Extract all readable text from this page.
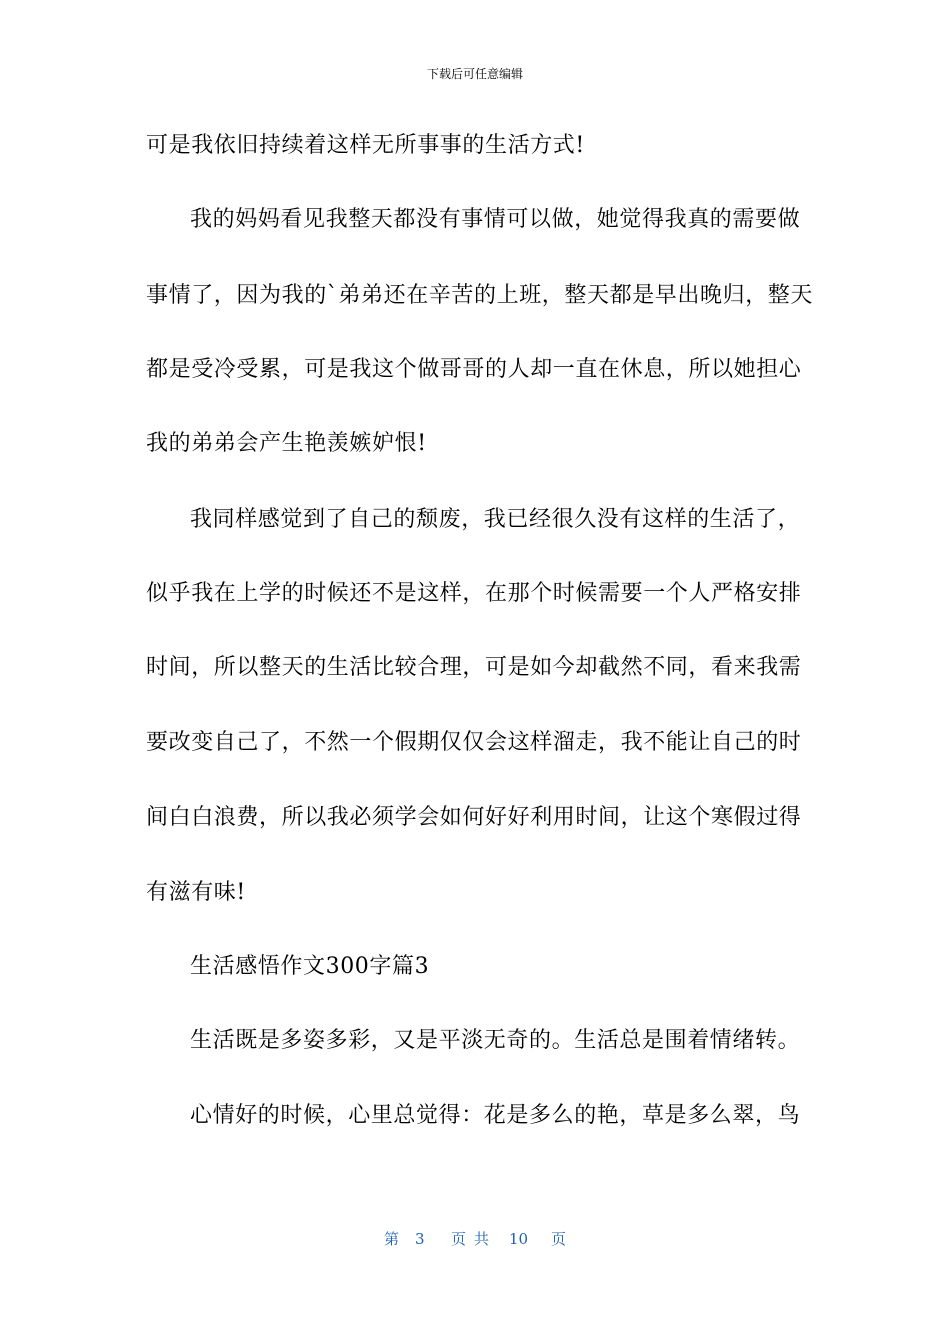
下载后可任意编辑
可是我依旧持续着这样无所事事的生活方式!
我的妈妈看见我整天都没有事情可以做，她觉得我真的需要做
事情了，因为我的`弟弟还在辛苦的上班，整天都是早出晚归，整天
都是受冷受累，可是我这个做哥哥的人却一直在休息，所以她担心
我的弟弟会产生艳羡嫉妒恨!
我同样感觉到了自己的颓废，我已经很久没有这样的生活了，
似乎我在上学的时候还不是这样，在那个时候需要一个人严格安排
时间，所以整天的生活比较合理，可是如今却截然不同，看来我需
要改变自己了，不然一个假期仅仅会这样溜走，我不能让自己的时
间白白浪费，所以我必须学会如何好好利用时间，让这个寒假过得
有滋有味!
生活感悟作文300字篇3
生活既是多姿多彩，又是平淡无奇的。生活总是围着情绪转。
心情好的时候，心里总觉得：花是多么的艳，草是多么翠，鸟
第 3 页共 10 页
